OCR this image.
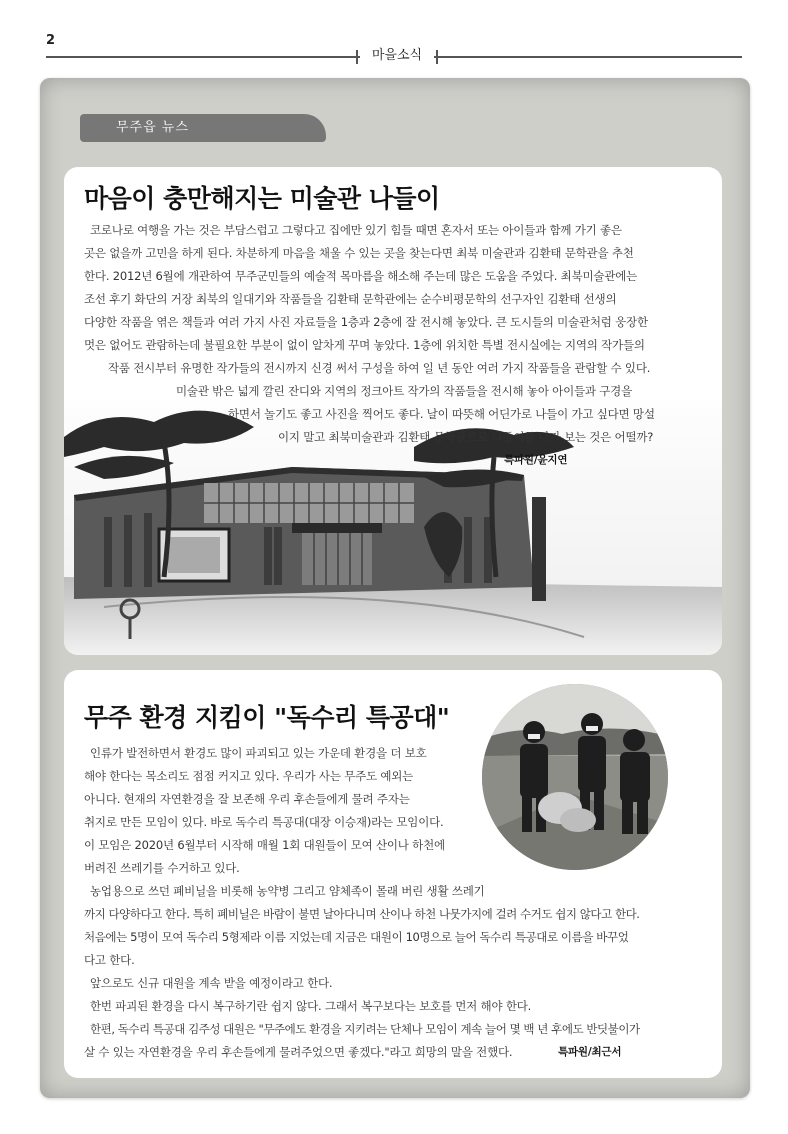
2
마을소식
무주읍 뉴스
마음이 충만해지는 미술관 나들이
코로나로 여행을 가는 것은 부담스럽고 그렇다고 집에만 있기 힘들 때면 혼자서 또는 아이들과 함께 가기 좋은
곳은 없을까 고민을 하게 된다. 차분하게 마음을 채울 수 있는 곳을 찾는다면 최북 미술관과 김환태 문학관을 추천
한다. 2012년 6월에 개관하여 무주군민들의 예술적 목마름을 해소해 주는데 많은 도움을 주었다. 최북미술관에는
조선 후기 화단의 거장 최북의 일대기와 작품들을 김환태 문학관에는 순수비평문학의 선구자인 김환태 선생의
다양한 작품을 엮은 책들과 여러 가지 사진 자료들을 1층과 2층에 잘 전시해 놓았다. 큰 도시들의 미술관처럼 웅장한
멋은 없어도 관람하는데 불필요한 부분이 없이 알차게 꾸며 놓았다. 1층에 위치한 특별 전시실에는 지역의 작가들의
작품 전시부터 유명한 작가들의 전시까지 신경 써서 구성을 하여 일 년 동안 여러 가지 작품들을 관람할 수 있다.
미술관 밖은 넓게 깔린 잔디와 지역의 정크아트 작가의 작품들을 전시해 놓아 아이들과 구경을
하면서 놀기도 좋고 사진을 찍어도 좋다. 날이 따뜻해 어딘가로 나들이 가고 싶다면 망설
이지 말고 최북미술관과 김환태 문학관으로 나들이를 나가 보는 것은 어떨까?
특파원/윤지연
무주 환경 지킴이 "독수리 특공대"
인류가 발전하면서 환경도 많이 파괴되고 있는 가운데 환경을 더 보호
해야 한다는 목소리도 점점 커지고 있다. 우리가 사는 무주도 예외는
아니다. 현재의 자연환경을 잘 보존해 우리 후손들에게 물려 주자는
취지로 만든 모임이 있다. 바로 독수리 특공대(대장 이승재)라는 모임이다.
이 모임은 2020년 6월부터 시작해 매월 1회 대원들이 모여 산이나 하천에
버려진 쓰레기를 수거하고 있다.
농업용으로 쓰던 폐비닐을 비롯해 농약병 그리고 얌체족이 몰래 버린 생활 쓰레기
까지 다양하다고 한다. 특히 폐비닐은 바람이 불면 날아다니며 산이나 하천 나뭇가지에 걸려 수거도 쉽지 않다고 한다.
처음에는 5명이 모여 독수리 5형제라 이름 지었는데 지금은 대원이 10명으로 늘어 독수리 특공대로 이름을 바꾸었
다고 한다.
앞으로도 신규 대원을 계속 받을 예정이라고 한다.
한번 파괴된 환경을 다시 복구하기란 쉽지 않다. 그래서 복구보다는 보호를 먼저 해야 한다.
한편, 독수리 특공대 김주성 대원은 "무주에도 환경을 지키려는 단체나 모임이 계속 늘어 몇 백 년 후에도 반딧불이가
살 수 있는 자연환경을 우리 후손들에게 물려주었으면 좋겠다."라고 희망의 말을 전했다.	특파원/최근서
